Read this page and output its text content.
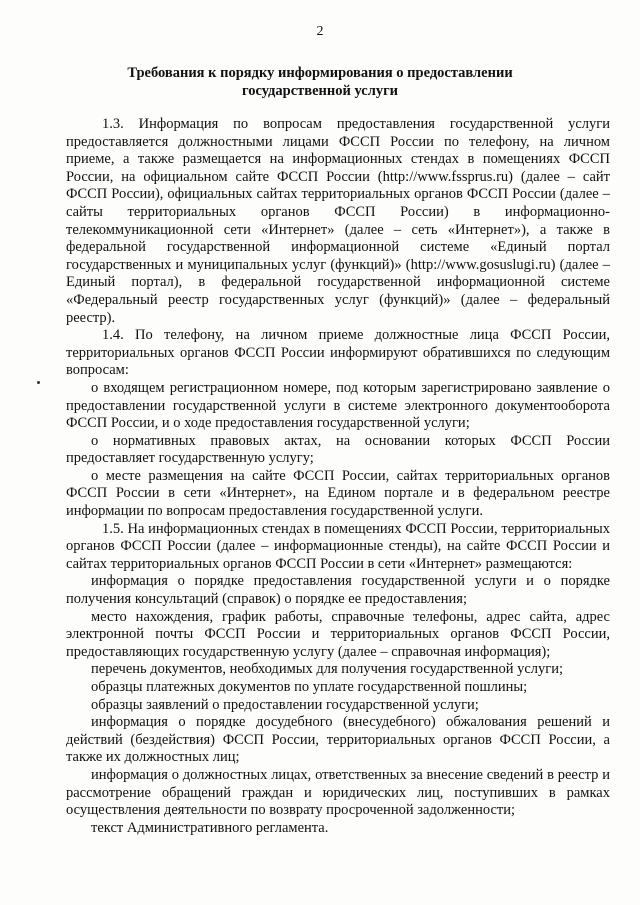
2
Требования к порядку информирования о предоставлении государственной услуги

1.3. Информация по вопросам предоставления государственной услуги предоставляется должностными лицами ФССП России по телефону, на личном приеме, а также размещается на информационных стендах в помещениях ФССП России, на официальном сайте ФССП России (http://www.fssprus.ru) (далее – сайт ФССП России), официальных сайтах территориальных органов ФССП России (далее – сайты территориальных органов ФССП России) в информационно-телекоммуникационной сети «Интернет» (далее – сеть «Интернет»), а также в федеральной государственной информационной системе «Единый портал государственных и муниципальных услуг (функций)» (http://www.gosuslugi.ru) (далее – Единый портал), в федеральной государственной информационной системе «Федеральный реестр государственных услуг (функций)» (далее – федеральный реестр).

1.4. По телефону, на личном приеме должностные лица ФССП России, территориальных органов ФССП России информируют обратившихся по следующим вопросам:

о входящем регистрационном номере, под которым зарегистрировано заявление о предоставлении государственной услуги в системе электронного документооборота ФССП России, и о ходе предоставления государственной услуги;

о нормативных правовых актах, на основании которых ФССП России предоставляет государственную услугу;

о месте размещения на сайте ФССП России, сайтах территориальных органов ФССП России в сети «Интернет», на Едином портале и в федеральном реестре информации по вопросам предоставления государственной услуги.

1.5. На информационных стендах в помещениях ФССП России, территориальных органов ФССП России (далее – информационные стенды), на сайте ФССП России и сайтах территориальных органов ФССП России в сети «Интернет» размещаются:

информация о порядке предоставления государственной услуги и о порядке получения консультаций (справок) о порядке ее предоставления;

место нахождения, график работы, справочные телефоны, адрес сайта, адрес электронной почты ФССП России и территориальных органов ФССП России, предоставляющих государственную услугу (далее – справочная информация);

перечень документов, необходимых для получения государственной услуги;

образцы платежных документов по уплате государственной пошлины;

образцы заявлений о предоставлении государственной услуги;

информация о порядке досудебного (внесудебного) обжалования решений и действий (бездействия) ФССП России, территориальных органов ФССП России, а также их должностных лиц;

информация о должностных лицах, ответственных за внесение сведений в реестр и рассмотрение обращений граждан и юридических лиц, поступивших в рамках осуществления деятельности по возврату просроченной задолженности;

текст Административного регламента.
